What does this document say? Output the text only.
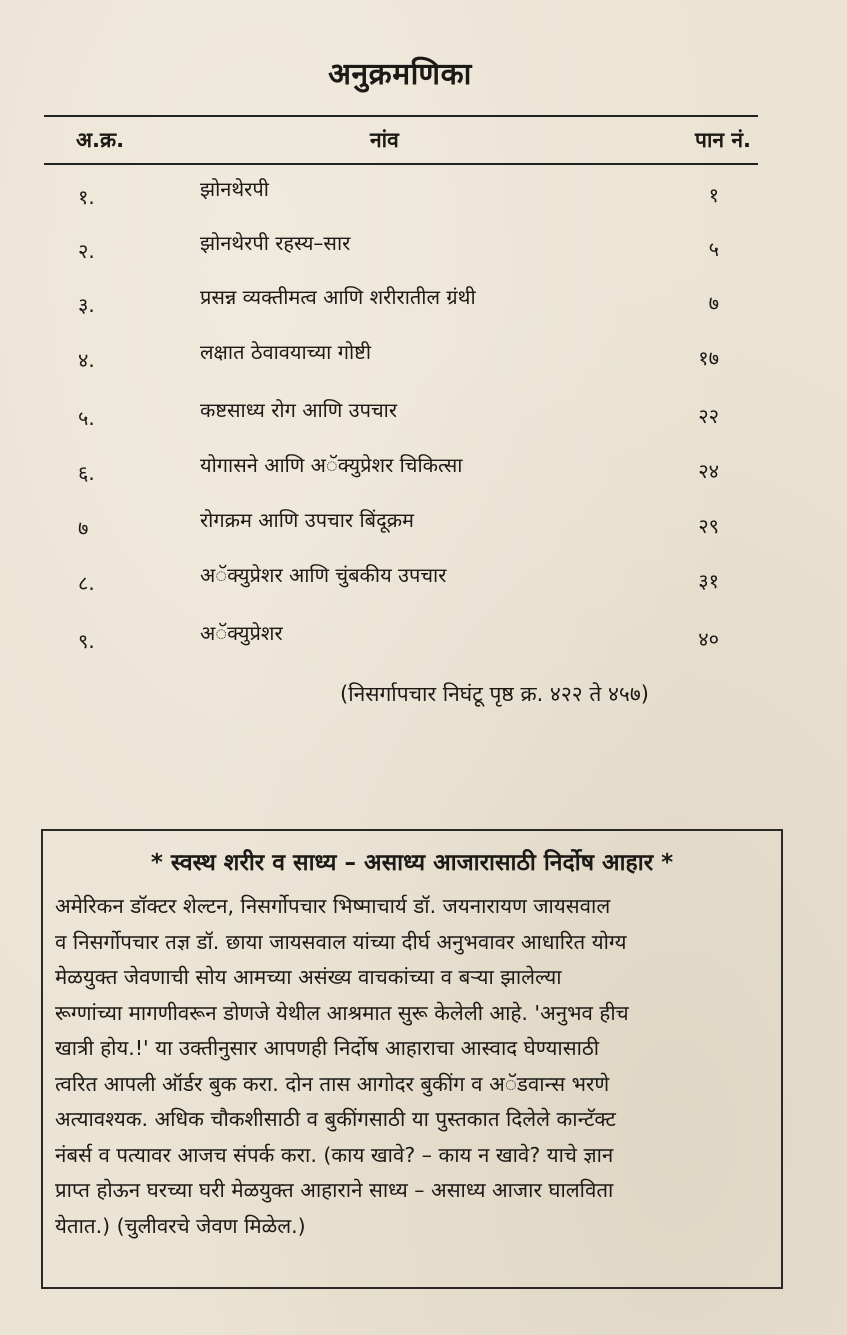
अनुक्रमणिका
अ.क्र.	नांव	पान नं.
१.	झोनथेरपी	१
२.	झोनथेरपी रहस्य–सार	५
३.	प्रसन्न व्यक्तीमत्व आणि शरीरातील ग्रंथी	७
४.	लक्षात ठेवावयाच्या गोष्टी	१७
५.	कष्टसाध्य रोग आणि उपचार	२२
६.	योगासने आणि अॅक्युप्रेशर चिकित्सा	२४
७	रोगक्रम आणि उपचार बिंदूक्रम	२९
८.	अॅक्युप्रेशर आणि चुंबकीय उपचार	३१
९.	अॅक्युप्रेशर	४०
(निसर्गापचार निघंटू पृष्ठ क्र. ४२२ ते ४५७)
* स्वस्थ शरीर व साध्य – असाध्य आजारासाठी निर्दोष आहार *
अमेरिकन डॉक्टर शेल्टन, निसर्गोपचार भिष्माचार्य डॉ. जयनारायण जायसवाल
व निसर्गोपचार तज्ञ डॉ. छाया जायसवाल यांच्या दीर्घ अनुभवावर आधारित योग्य
मेळयुक्त जेवणाची सोय आमच्या असंख्य वाचकांच्या व बऱ्या झालेल्या
रूग्णांच्या मागणीवरून डोणजे येथील आश्रमात सुरू केलेली आहे. 'अनुभव हीच
खात्री होय.!' या उक्तीनुसार आपणही निर्दोष आहाराचा आस्वाद घेण्यासाठी
त्वरित आपली ऑर्डर बुक करा. दोन तास आगोदर बुकींग व अॅडवान्स भरणे
अत्यावश्यक. अधिक चौकशीसाठी व बुकींगसाठी या पुस्तकात दिलेले कान्टॅक्ट
नंबर्स व पत्यावर आजच संपर्क करा. (काय खावे? – काय न खावे? याचे ज्ञान
प्राप्त होऊन घरच्या घरी मेळयुक्त आहाराने साध्य – असाध्य आजार घालविता
येतात.) (चुलीवरचे जेवण मिळेल.)
